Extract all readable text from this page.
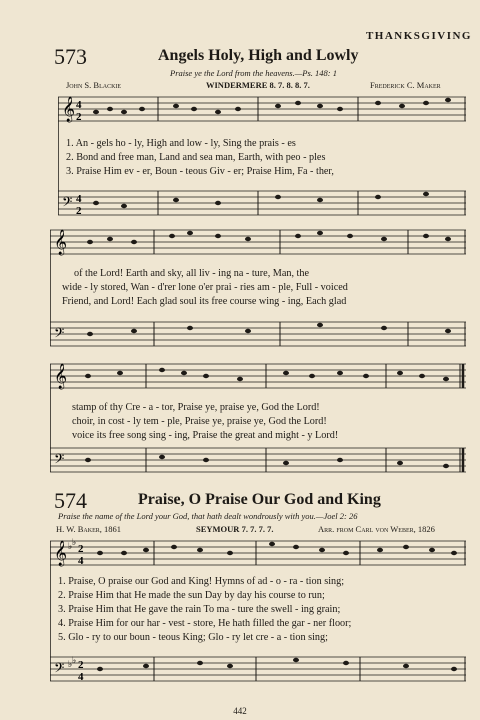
THANKSGIVING
573	Angels Holy, High and Lowly
Praise ye the Lord from the heavens.—Ps. 148: 1
John S. Blackie	WINDERMERE 8. 7. 8. 8. 7.	Frederick C. Maker
𝄞
𝄢
4
2
4
2
1. An - gels ho - ly, High and low - ly, Sing the prais - es
2. Bond and free man, Land and sea man, Earth, with peo - ples
3. Praise Him ev - er, Boun - teous Giv - er; Praise Him, Fa - ther,
𝄞
𝄢
of the Lord! Earth and sky, all liv - ing na - ture, Man, the
wide - ly stored, Wan - d'rer lone o'er prai - ries am - ple, Full - voiced
Friend, and Lord! Each glad soul its free course wing - ing, Each glad
𝄞
𝄢
stamp of thy Cre - a - tor, Praise ye, praise ye, God the Lord!
choir, in cost - ly tem - ple, Praise ye, praise ye, God the Lord!
voice its free song sing - ing, Praise the great and might - y Lord!
574	Praise, O Praise Our God and King
Praise the name of the Lord your God, that hath dealt wondrously with you.—Joel 2: 26
H. W. Baker, 1861	SEYMOUR 7. 7. 7. 7.	Arr. from Carl von Weber, 1826
𝄞
𝄢
♭ ♭
2
4
♭ ♭ 2
4
1. Praise, O praise our God and King! Hymns of ad - o - ra - tion sing;
2. Praise Him that He made the sun Day by day his course to run;
3. Praise Him that He gave the rain To ma - ture the swell - ing grain;
4. Praise Him for our har - vest - store, He hath filled the gar - ner floor;
5. Glo - ry to our boun - teous King; Glo - ry let cre - a - tion sing;
442
